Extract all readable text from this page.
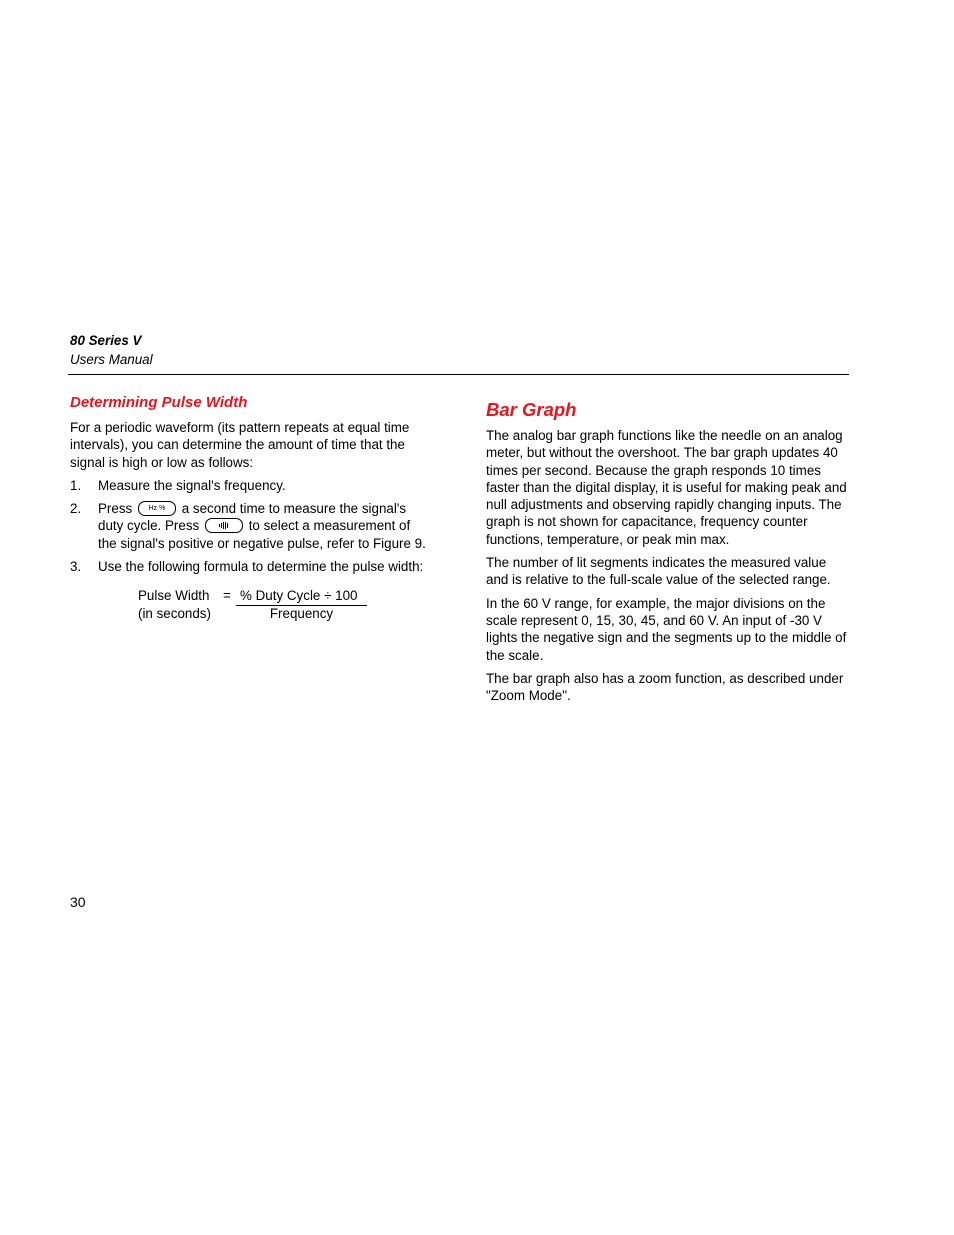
80 Series V
Users Manual
Determining Pulse Width

For a periodic waveform (its pattern repeats at equal time intervals), you can determine the amount of time that the signal is high or low as follows:

1. Measure the signal's frequency.
2. Press Hz % a second time to measure the signal's duty cycle. Press	to select a measurement of the signal's positive or negative pulse, refer to Figure 9.
3. Use the following formula to determine the pulse width:
Pulse Width
(in seconds)
= % Duty Cycle ÷ 100
Frequency
Bar Graph

The analog bar graph functions like the needle on an analog meter, but without the overshoot. The bar graph updates 40 times per second. Because the graph responds 10 times faster than the digital display, it is useful for making peak and null adjustments and observing rapidly changing inputs. The graph is not shown for capacitance, frequency counter functions, temperature, or peak min max.

The number of lit segments indicates the measured value and is relative to the full-scale value of the selected range.

In the 60 V range, for example, the major divisions on the scale represent 0, 15, 30, 45, and 60 V. An input of -30 V lights the negative sign and the segments up to the middle of the scale.

The bar graph also has a zoom function, as described under "Zoom Mode".

30
